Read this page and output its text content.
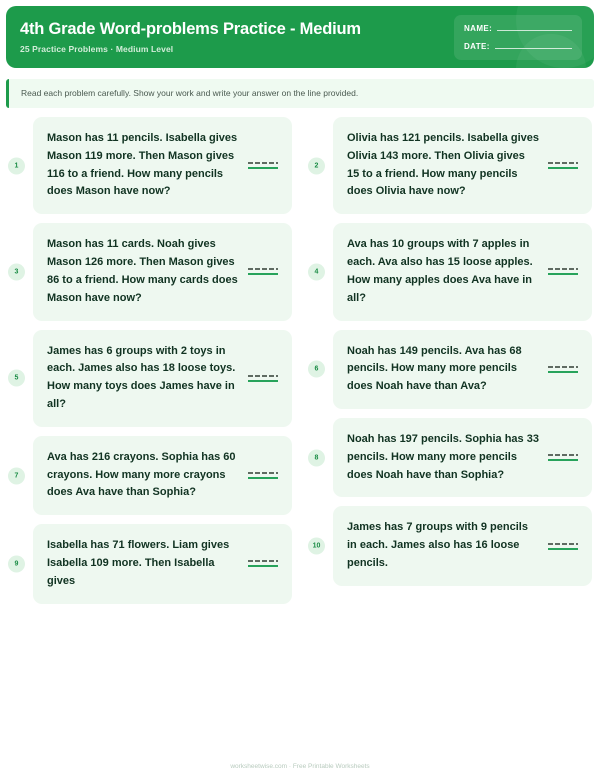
4th Grade Word-problems Practice - Medium
25 Practice Problems · Medium Level
NAME:
DATE:
Read each problem carefully. Show your work and write your answer on the line provided.
1
Mason has 11 pencils. Isabella gives Mason 119 more. Then Mason gives 116 to a friend. How many pencils does Mason have now?
3
Mason has 11 cards. Noah gives Mason 126 more. Then Mason gives 86 to a friend. How many cards does Mason have now?
5
James has 6 groups with 2 toys in each. James also has 18 loose toys. How many toys does James have in all?
7
Ava has 216 crayons. Sophia has 60 crayons. How many more crayons does Ava have than Sophia?
9
Isabella has 71 flowers. Liam gives Isabella 109 more. Then Isabella gives
2
Olivia has 121 pencils. Isabella gives Olivia 143 more. Then Olivia gives 15 to a friend. How many pencils does Olivia have now?
4
Ava has 10 groups with 7 apples in each. Ava also has 15 loose apples. How many apples does Ava have in all?
6
Noah has 149 pencils. Ava has 68 pencils. How many more pencils does Noah have than Ava?
8
Noah has 197 pencils. Sophia has 33 pencils. How many more pencils does Noah have than Sophia?
10
James has 7 groups with 9 pencils in each. James also has 16 loose pencils.
worksheetwise.com · Free Printable Worksheets
